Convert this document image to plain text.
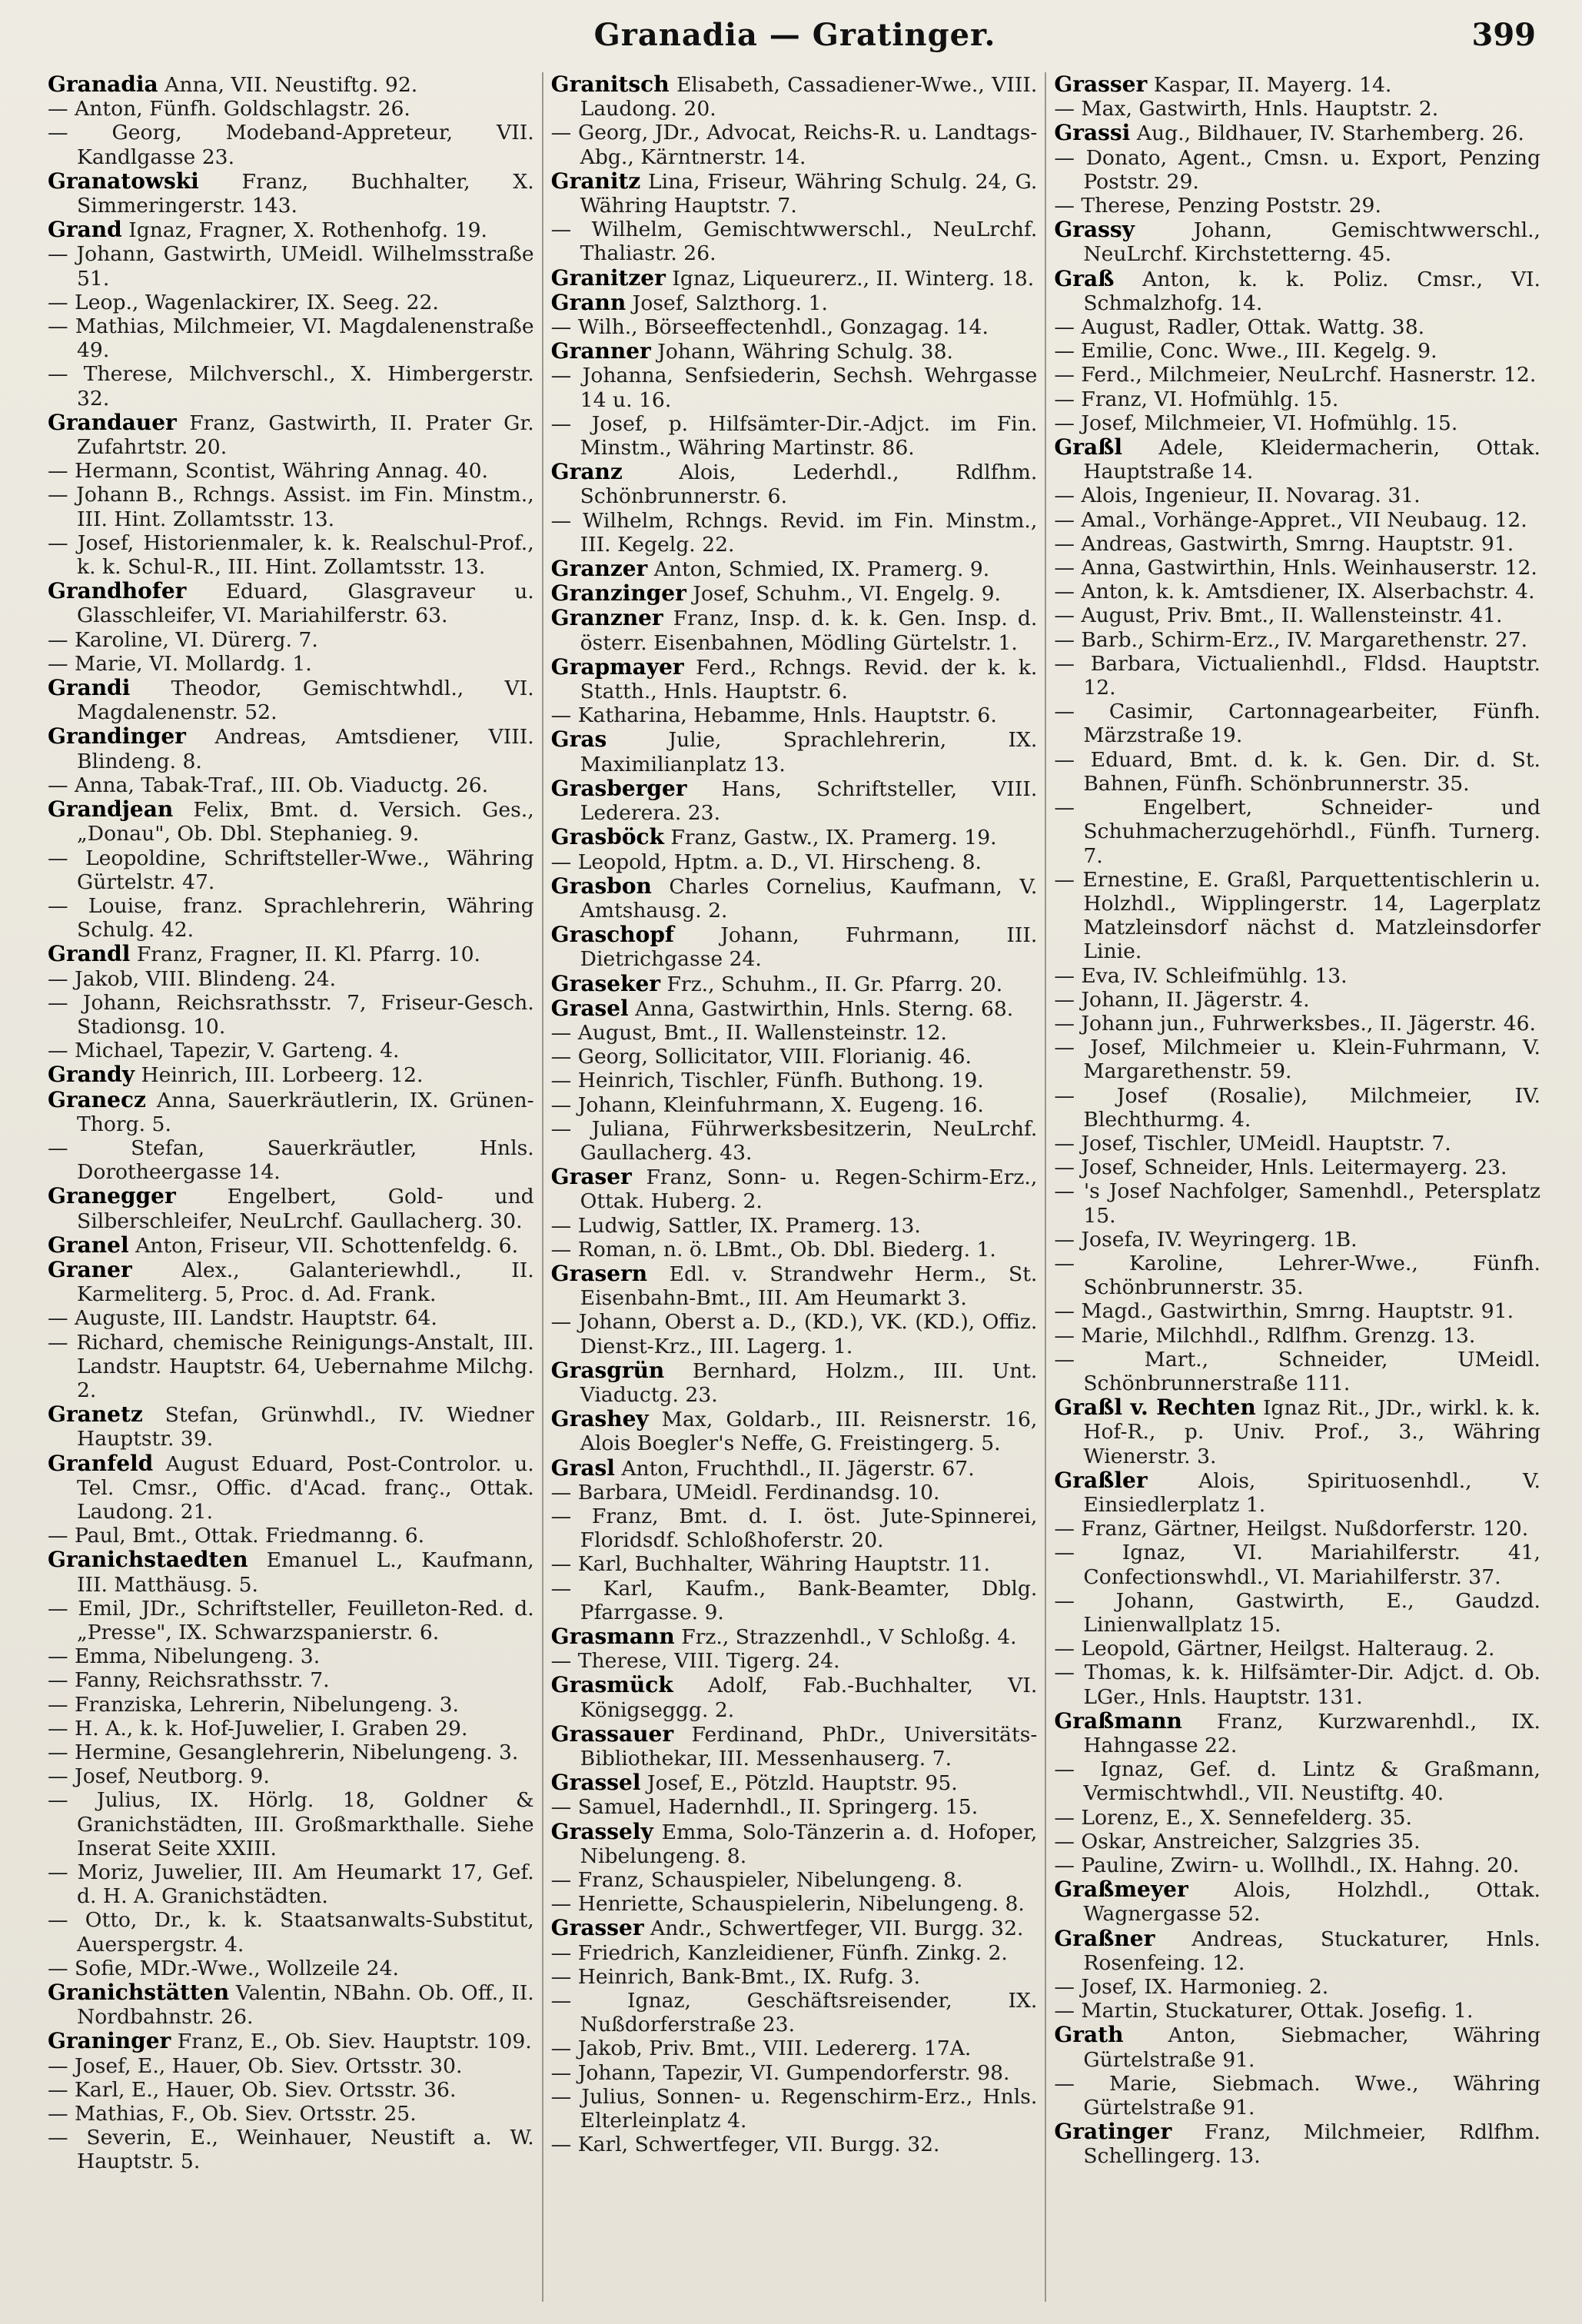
Granadia — Gratinger.	399

Granadia Anna, VII. Neustiftg. 92.

— Anton, Fünfh. Goldschlagstr. 26.

— Georg, Modeband-Appreteur, VII. Kandlgasse 23.

Granatowski Franz, Buchhalter, X. Simmeringerstr. 143.

Grand Ignaz, Fragner, X. Rothenhofg. 19.

— Johann, Gastwirth, UMeidl. Wilhelmsstraße 51.

— Leop., Wagenlackirer, IX. Seeg. 22.

— Mathias, Milchmeier, VI. Magdalenenstraße 49.

— Therese, Milchverschl., X. Himbergerstr. 32.

Grandauer Franz, Gastwirth, II. Prater Gr. Zufahrtstr. 20.

— Hermann, Scontist, Währing Annag. 40.

— Johann B., Rchngs. Assist. im Fin. Minstm., III. Hint. Zollamtsstr. 13.

— Josef, Historienmaler, k. k. Realschul-Prof., k. k. Schul-R., III. Hint. Zollamtsstr. 13.

Grandhofer Eduard, Glasgraveur u. Glasschleifer, VI. Mariahilferstr. 63.

— Karoline, VI. Dürerg. 7.

— Marie, VI. Mollardg. 1.

Grandi Theodor, Gemischtwhdl., VI. Magdalenenstr. 52.

Grandinger Andreas, Amtsdiener, VIII. Blindeng. 8.

— Anna, Tabak-Traf., III. Ob. Viaductg. 26.

Grandjean Felix, Bmt. d. Versich. Ges., „Donau", Ob. Dbl. Stephanieg. 9.

— Leopoldine, Schriftsteller-Wwe., Währing Gürtelstr. 47.

— Louise, franz. Sprachlehrerin, Währing Schulg. 42.

Grandl Franz, Fragner, II. Kl. Pfarrg. 10.

— Jakob, VIII. Blindeng. 24.

— Johann, Reichsrathsstr. 7, Friseur-Gesch. Stadionsg. 10.

— Michael, Tapezir, V. Garteng. 4.

Grandy Heinrich, III. Lorbeerg. 12.

Granecz Anna, Sauerkräutlerin, IX. Grünen-Thorg. 5.

— Stefan, Sauerkräutler, Hnls. Dorotheergasse 14.

Granegger Engelbert, Gold- und Silberschleifer, NeuLrchf. Gaullacherg. 30.

Granel Anton, Friseur, VII. Schottenfeldg. 6.

Graner Alex., Galanteriewhdl., II. Karmeliterg. 5, Proc. d. Ad. Frank.

— Auguste, III. Landstr. Hauptstr. 64.

— Richard, chemische Reinigungs-Anstalt, III. Landstr. Hauptstr. 64, Uebernahme Milchg. 2.

Granetz Stefan, Grünwhdl., IV. Wiedner Hauptstr. 39.

Granfeld August Eduard, Post-Controlor. u. Tel. Cmsr., Offic. d'Acad. franç., Ottak. Laudong. 21.

— Paul, Bmt., Ottak. Friedmanng. 6.

Granichstaedten Emanuel L., Kaufmann, III. Matthäusg. 5.

— Emil, JDr., Schriftsteller, Feuilleton-Red. d. „Presse", IX. Schwarzspanierstr. 6.

— Emma, Nibelungeng. 3.

— Fanny, Reichsrathsstr. 7.

— Franziska, Lehrerin, Nibelungeng. 3.

— H. A., k. k. Hof-Juwelier, I. Graben 29.

— Hermine, Gesanglehrerin, Nibelungeng. 3.

— Josef, Neutborg. 9.

— Julius, IX. Hörlg. 18, Goldner & Granichstädten, III. Großmarkthalle. Siehe Inserat Seite XXIII.

— Moriz, Juwelier, III. Am Heumarkt 17, Gef. d. H. A. Granichstädten.

— Otto, Dr., k. k. Staatsanwalts-Substitut, Auerspergstr. 4.

— Sofie, MDr.-Wwe., Wollzeile 24.

Granichstätten Valentin, NBahn. Ob. Off., II. Nordbahnstr. 26.

Graninger Franz, E., Ob. Siev. Hauptstr. 109.

— Josef, E., Hauer, Ob. Siev. Ortsstr. 30.

— Karl, E., Hauer, Ob. Siev. Ortsstr. 36.

— Mathias, F., Ob. Siev. Ortsstr. 25.

— Severin, E., Weinhauer, Neustift a. W. Hauptstr. 5.

Granitsch Elisabeth, Cassadiener-Wwe., VIII. Laudong. 20.

— Georg, JDr., Advocat, Reichs-R. u. Landtags-Abg., Kärntnerstr. 14.

Granitz Lina, Friseur, Währing Schulg. 24, G. Währing Hauptstr. 7.

— Wilhelm, Gemischtwwerschl., NeuLrchf. Thaliastr. 26.

Granitzer Ignaz, Liqueurerz., II. Winterg. 18.

Grann Josef, Salzthorg. 1.

— Wilh., Börseeffectenhdl., Gonzagag. 14.

Granner Johann, Währing Schulg. 38.

— Johanna, Senfsiederin, Sechsh. Wehrgasse 14 u. 16.

— Josef, p. Hilfsämter-Dir.-Adjct. im Fin. Minstm., Währing Martinstr. 86.

Granz Alois, Lederhdl., Rdlfhm. Schönbrunnerstr. 6.

— Wilhelm, Rchngs. Revid. im Fin. Minstm., III. Kegelg. 22.

Granzer Anton, Schmied, IX. Pramerg. 9.

Granzinger Josef, Schuhm., VI. Engelg. 9.

Granzner Franz, Insp. d. k. k. Gen. Insp. d. österr. Eisenbahnen, Mödling Gürtelstr. 1.

Grapmayer Ferd., Rchngs. Revid. der k. k. Statth., Hnls. Hauptstr. 6.

— Katharina, Hebamme, Hnls. Hauptstr. 6.

Gras Julie, Sprachlehrerin, IX. Maximilianplatz 13.

Grasberger Hans, Schriftsteller, VIII. Lederera. 23.

Grasböck Franz, Gastw., IX. Pramerg. 19.

— Leopold, Hptm. a. D., VI. Hirscheng. 8.

Grasbon Charles Cornelius, Kaufmann, V. Amtshausg. 2.

Graschopf Johann, Fuhrmann, III. Dietrichgasse 24.

Graseker Frz., Schuhm., II. Gr. Pfarrg. 20.

Grasel Anna, Gastwirthin, Hnls. Sterng. 68.

— August, Bmt., II. Wallensteinstr. 12.

— Georg, Sollicitator, VIII. Florianig. 46.

— Heinrich, Tischler, Fünfh. Buthong. 19.

— Johann, Kleinfuhrmann, X. Eugeng. 16.

— Juliana, Führwerksbesitzerin, NeuLrchf. Gaullacherg. 43.

Graser Franz, Sonn- u. Regen-Schirm-Erz., Ottak. Huberg. 2.

— Ludwig, Sattler, IX. Pramerg. 13.

— Roman, n. ö. LBmt., Ob. Dbl. Biederg. 1.

Grasern Edl. v. Strandwehr Herm., St. Eisenbahn-Bmt., III. Am Heumarkt 3.

— Johann, Oberst a. D., (KD.), VK. (KD.), Offiz. Dienst-Krz., III. Lagerg. 1.

Grasgrün Bernhard, Holzm., III. Unt. Viaductg. 23.

Grashey Max, Goldarb., III. Reisnerstr. 16, Alois Boegler's Neffe, G. Freistingerg. 5.

Grasl Anton, Fruchthdl., II. Jägerstr. 67.

— Barbara, UMeidl. Ferdinandsg. 10.

— Franz, Bmt. d. I. öst. Jute-Spinnerei, Floridsdf. Schloßhoferstr. 20.

— Karl, Buchhalter, Währing Hauptstr. 11.

— Karl, Kaufm., Bank-Beamter, Dblg. Pfarrgasse. 9.

Grasmann Frz., Strazzenhdl., V Schloßg. 4.

— Therese, VIII. Tigerg. 24.

Grasmück Adolf, Fab.-Buchhalter, VI. Königseggg. 2.

Grassauer Ferdinand, PhDr., Universitäts-Bibliothekar, III. Messenhauserg. 7.

Grassel Josef, E., Pötzld. Hauptstr. 95.

— Samuel, Hadernhdl., II. Springerg. 15.

Grassely Emma, Solo-Tänzerin a. d. Hofoper, Nibelungeng. 8.

— Franz, Schauspieler, Nibelungeng. 8.

— Henriette, Schauspielerin, Nibelungeng. 8.

Grasser Andr., Schwertfeger, VII. Burgg. 32.

— Friedrich, Kanzleidiener, Fünfh. Zinkg. 2.

— Heinrich, Bank-Bmt., IX. Rufg. 3.

— Ignaz, Geschäftsreisender, IX. Nußdorferstraße 23.

— Jakob, Priv. Bmt., VIII. Ledererg. 17A.

— Johann, Tapezir, VI. Gumpendorferstr. 98.

— Julius, Sonnen- u. Regenschirm-Erz., Hnls. Elterleinplatz 4.

— Karl, Schwertfeger, VII. Burgg. 32.

Grasser Kaspar, II. Mayerg. 14.

— Max, Gastwirth, Hnls. Hauptstr. 2.

Grassi Aug., Bildhauer, IV. Starhemberg. 26.

— Donato, Agent., Cmsn. u. Export, Penzing Poststr. 29.

— Therese, Penzing Poststr. 29.

Grassy Johann, Gemischtwwerschl., NeuLrchf. Kirchstetterng. 45.

Graß Anton, k. k. Poliz. Cmsr., VI. Schmalzhofg. 14.

— August, Radler, Ottak. Wattg. 38.

— Emilie, Conc. Wwe., III. Kegelg. 9.

— Ferd., Milchmeier, NeuLrchf. Hasnerstr. 12.

— Franz, VI. Hofmühlg. 15.

— Josef, Milchmeier, VI. Hofmühlg. 15.

Graßl Adele, Kleidermacherin, Ottak. Hauptstraße 14.

— Alois, Ingenieur, II. Novarag. 31.

— Amal., Vorhänge-Appret., VII Neubaug. 12.

— Andreas, Gastwirth, Smrng. Hauptstr. 91.

— Anna, Gastwirthin, Hnls. Weinhauserstr. 12.

— Anton, k. k. Amtsdiener, IX. Alserbachstr. 4.

— August, Priv. Bmt., II. Wallensteinstr. 41.

— Barb., Schirm-Erz., IV. Margarethenstr. 27.

— Barbara, Victualienhdl., Fldsd. Hauptstr. 12.

— Casimir, Cartonnagearbeiter, Fünfh. Märzstraße 19.

— Eduard, Bmt. d. k. k. Gen. Dir. d. St. Bahnen, Fünfh. Schönbrunnerstr. 35.

— Engelbert, Schneider- und Schuhmacherzugehörhdl., Fünfh. Turnerg. 7.

— Ernestine, E. Graßl, Parquettentischlerin u. Holzhdl., Wipplingerstr. 14, Lagerplatz Matzleinsdorf nächst d. Matzleinsdorfer Linie.

— Eva, IV. Schleifmühlg. 13.

— Johann, II. Jägerstr. 4.

— Johann jun., Fuhrwerksbes., II. Jägerstr. 46.

— Josef, Milchmeier u. Klein-Fuhrmann, V. Margarethenstr. 59.

— Josef (Rosalie), Milchmeier, IV. Blechthurmg. 4.

— Josef, Tischler, UMeidl. Hauptstr. 7.

— Josef, Schneider, Hnls. Leitermayerg. 23.

— 's Josef Nachfolger, Samenhdl., Petersplatz 15.

— Josefa, IV. Weyringerg. 1B.

— Karoline, Lehrer-Wwe., Fünfh. Schönbrunnerstr. 35.

— Magd., Gastwirthin, Smrng. Hauptstr. 91.

— Marie, Milchhdl., Rdlfhm. Grenzg. 13.

— Mart., Schneider, UMeidl. Schönbrunnerstraße 111.

Graßl v. Rechten Ignaz Rit., JDr., wirkl. k. k. Hof-R., p. Univ. Prof., 3., Währing Wienerstr. 3.

Graßler Alois, Spirituosenhdl., V. Einsiedlerplatz 1.

— Franz, Gärtner, Heilgst. Nußdorferstr. 120.

— Ignaz, VI. Mariahilferstr. 41, Confectionswhdl., VI. Mariahilferstr. 37.

— Johann, Gastwirth, E., Gaudzd. Linienwallplatz 15.

— Leopold, Gärtner, Heilgst. Halteraug. 2.

— Thomas, k. k. Hilfsämter-Dir. Adjct. d. Ob. LGer., Hnls. Hauptstr. 131.

Graßmann Franz, Kurzwarenhdl., IX. Hahngasse 22.

— Ignaz, Gef. d. Lintz & Graßmann, Vermischtwhdl., VII. Neustiftg. 40.

— Lorenz, E., X. Sennefelderg. 35.

— Oskar, Anstreicher, Salzgries 35.

— Pauline, Zwirn- u. Wollhdl., IX. Hahng. 20.

Graßmeyer Alois, Holzhdl., Ottak. Wagnergasse 52.

Graßner Andreas, Stuckaturer, Hnls. Rosenfeing. 12.

— Josef, IX. Harmonieg. 2.

— Martin, Stuckaturer, Ottak. Josefig. 1.

Grath Anton, Siebmacher, Währing Gürtelstraße 91.

— Marie, Siebmach. Wwe., Währing Gürtelstraße 91.

Gratinger Franz, Milchmeier, Rdlfhm. Schellingerg. 13.
